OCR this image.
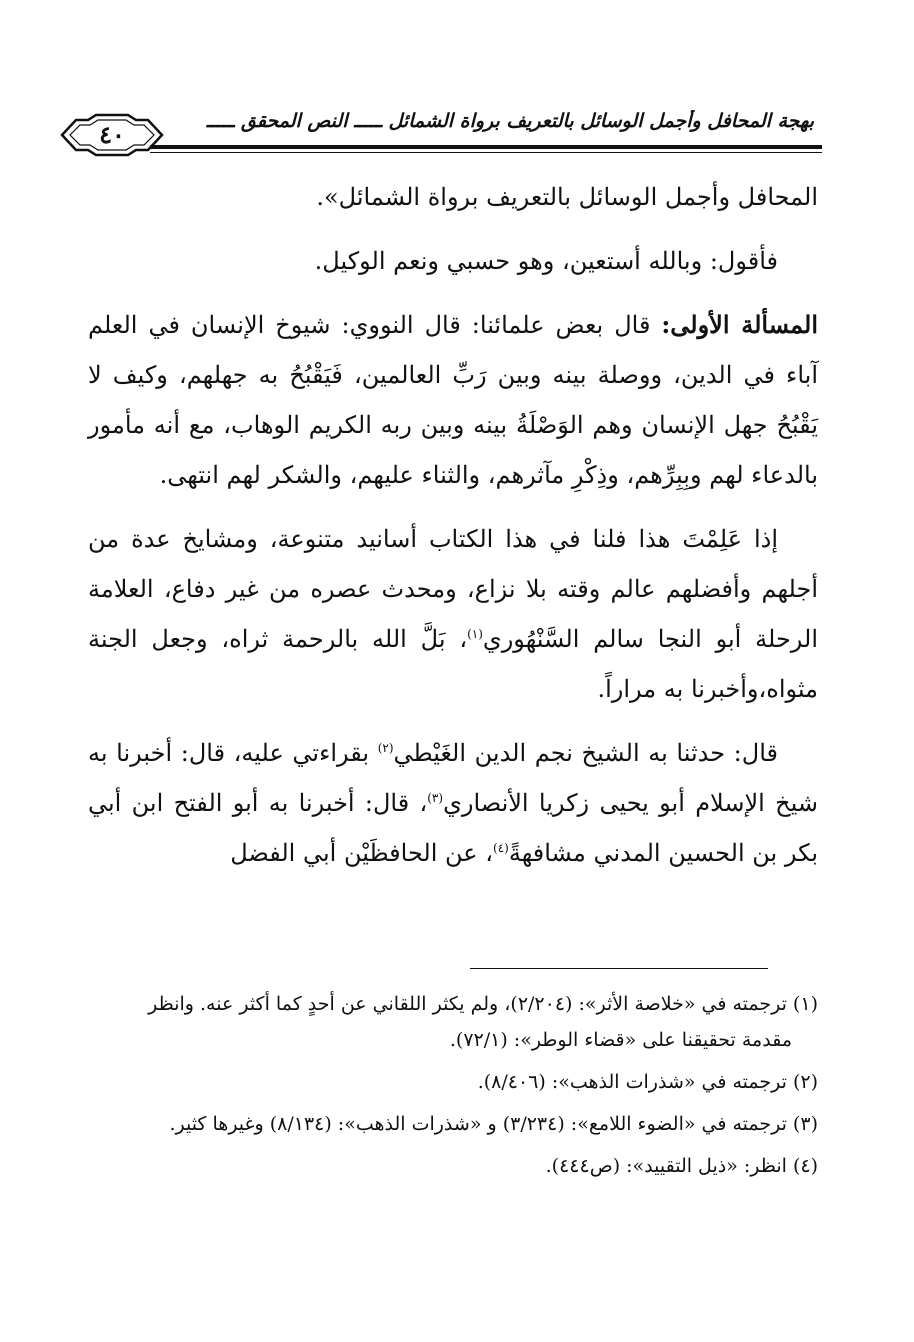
بهجة المحافل وأجمل الوسائل بالتعريف برواة الشمائل ـــــ النص المحقق ـــــ
٤٠

المحافل وأجمل الوسائل بالتعريف برواة الشمائل».

فأقول: وبالله أستعين، وهو حسبي ونعم الوكيل.

المسألة الأولى: قال بعض علمائنا: قال النووي: شيوخ الإنسان في العلم آباء في الدين، ووصلة بينه وبين رَبِّ العالمين، فَيَقْبُحُ به جهلهم، وكيف لا يَقْبُحُ جهل الإنسان وهم الوَصْلَةُ بينه وبين ربه الكريم الوهاب، مع أنه مأمور بالدعاء لهم وبِبِرِّهم، وذِكْرِ مآثرهم، والثناء عليهم، والشكر لهم انتهى.

إذا عَلِمْتَ هذا فلنا في هذا الكتاب أسانيد متنوعة، ومشايخ عدة من أجلهم وأفضلهم عالم وقته بلا نزاع، ومحدث عصره من غير دفاع، العلامة الرحلة أبو النجا سالم السَّنْهُوري$^{(١)}$، بَلَّ الله بالرحمة ثراه، وجعل الجنة مثواه،وأخبرنا به مراراً.

قال: حدثنا به الشيخ نجم الدين الغَيْطي$^{(٢)}$ بقراءتي عليه، قال: أخبرنا به شيخ الإسلام أبو يحيى زكريا الأنصاري$^{(٣)}$، قال: أخبرنا به أبو الفتح ابن أبي بكر بن الحسين المدني مشافهةً$^{(٤)}$، عن الحافظَيْن أبي الفضل

(١) ترجمته في «خلاصة الأثر»: (٢/٢٠٤)، ولم يكثر اللقاني عن أحدٍ كما أكثر عنه. وانظر
مقدمة تحقيقنا على «قضاء الوطر»: (٧٢/١).
(٢) ترجمته في «شذرات الذهب»: (٨/٤٠٦).
(٣) ترجمته في «الضوء اللامع»: (٣/٢٣٤) و «شذرات الذهب»: (٨/١٣٤) وغيرها كثير.
(٤) انظر: «ذيل التقييد»: (ص٤٤٤).
